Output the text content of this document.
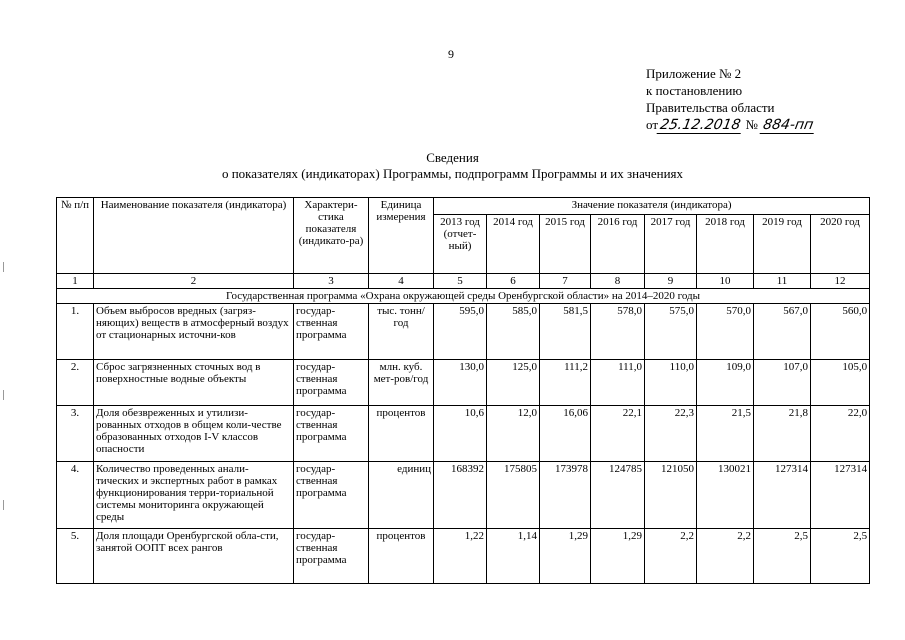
9
Приложение № 2
к постановлению
Правительства области
от25.12.2018 № 884-пп
Сведения
о показателях (индикаторах) Программы, подпрограмм Программы и их значениях
№ п/п	Наименование показателя (индикатора)	Характери-стика показателя (индикато-ра)	Единица измерения	Значение показателя (индикатора)							
				2013 год (отчет-ный)	2014 год	2015 год	2016 год	2017 год	2018 год	2019 год	2020 год
1	2	3	4	5	6	7	8	9	10	11	12
Государственная программа «Охрана окружающей среды Оренбургской области» на 2014–2020 годы											
1.	Объем выбросов вредных (загряз-няющих) веществ в атмосферный воздух от стационарных источни-ков	государ-ственная программа	тыс. тонн/год	595,0	585,0	581,5	578,0	575,0	570,0	567,0	560,0
2.	Сброс загрязненных сточных вод в поверхностные водные объекты	государ-ственная программа	млн. куб. мет-ров/год	130,0	125,0	111,2	111,0	110,0	109,0	107,0	105,0
3.	Доля обезвреженных и утилизи-рованных отходов в общем коли-честве образованных отходов I-V классов опасности	государ-ственная программа	процентов	10,6	12,0	16,06	22,1	22,3	21,5	21,8	22,0
4.	Количество проведенных анали-тических и экспертных работ в рамках функционирования терри-ториальной системы мониторинга окружающей среды	государ-ственная программа	единиц	168392	175805	173978	124785	121050	130021	127314	127314
5.	Доля площади Оренбургской обла-сти, занятой ООПТ всех рангов	государ-ственная программа	процентов	1,22	1,14	1,29	1,29	2,2	2,2	2,5	2,5
